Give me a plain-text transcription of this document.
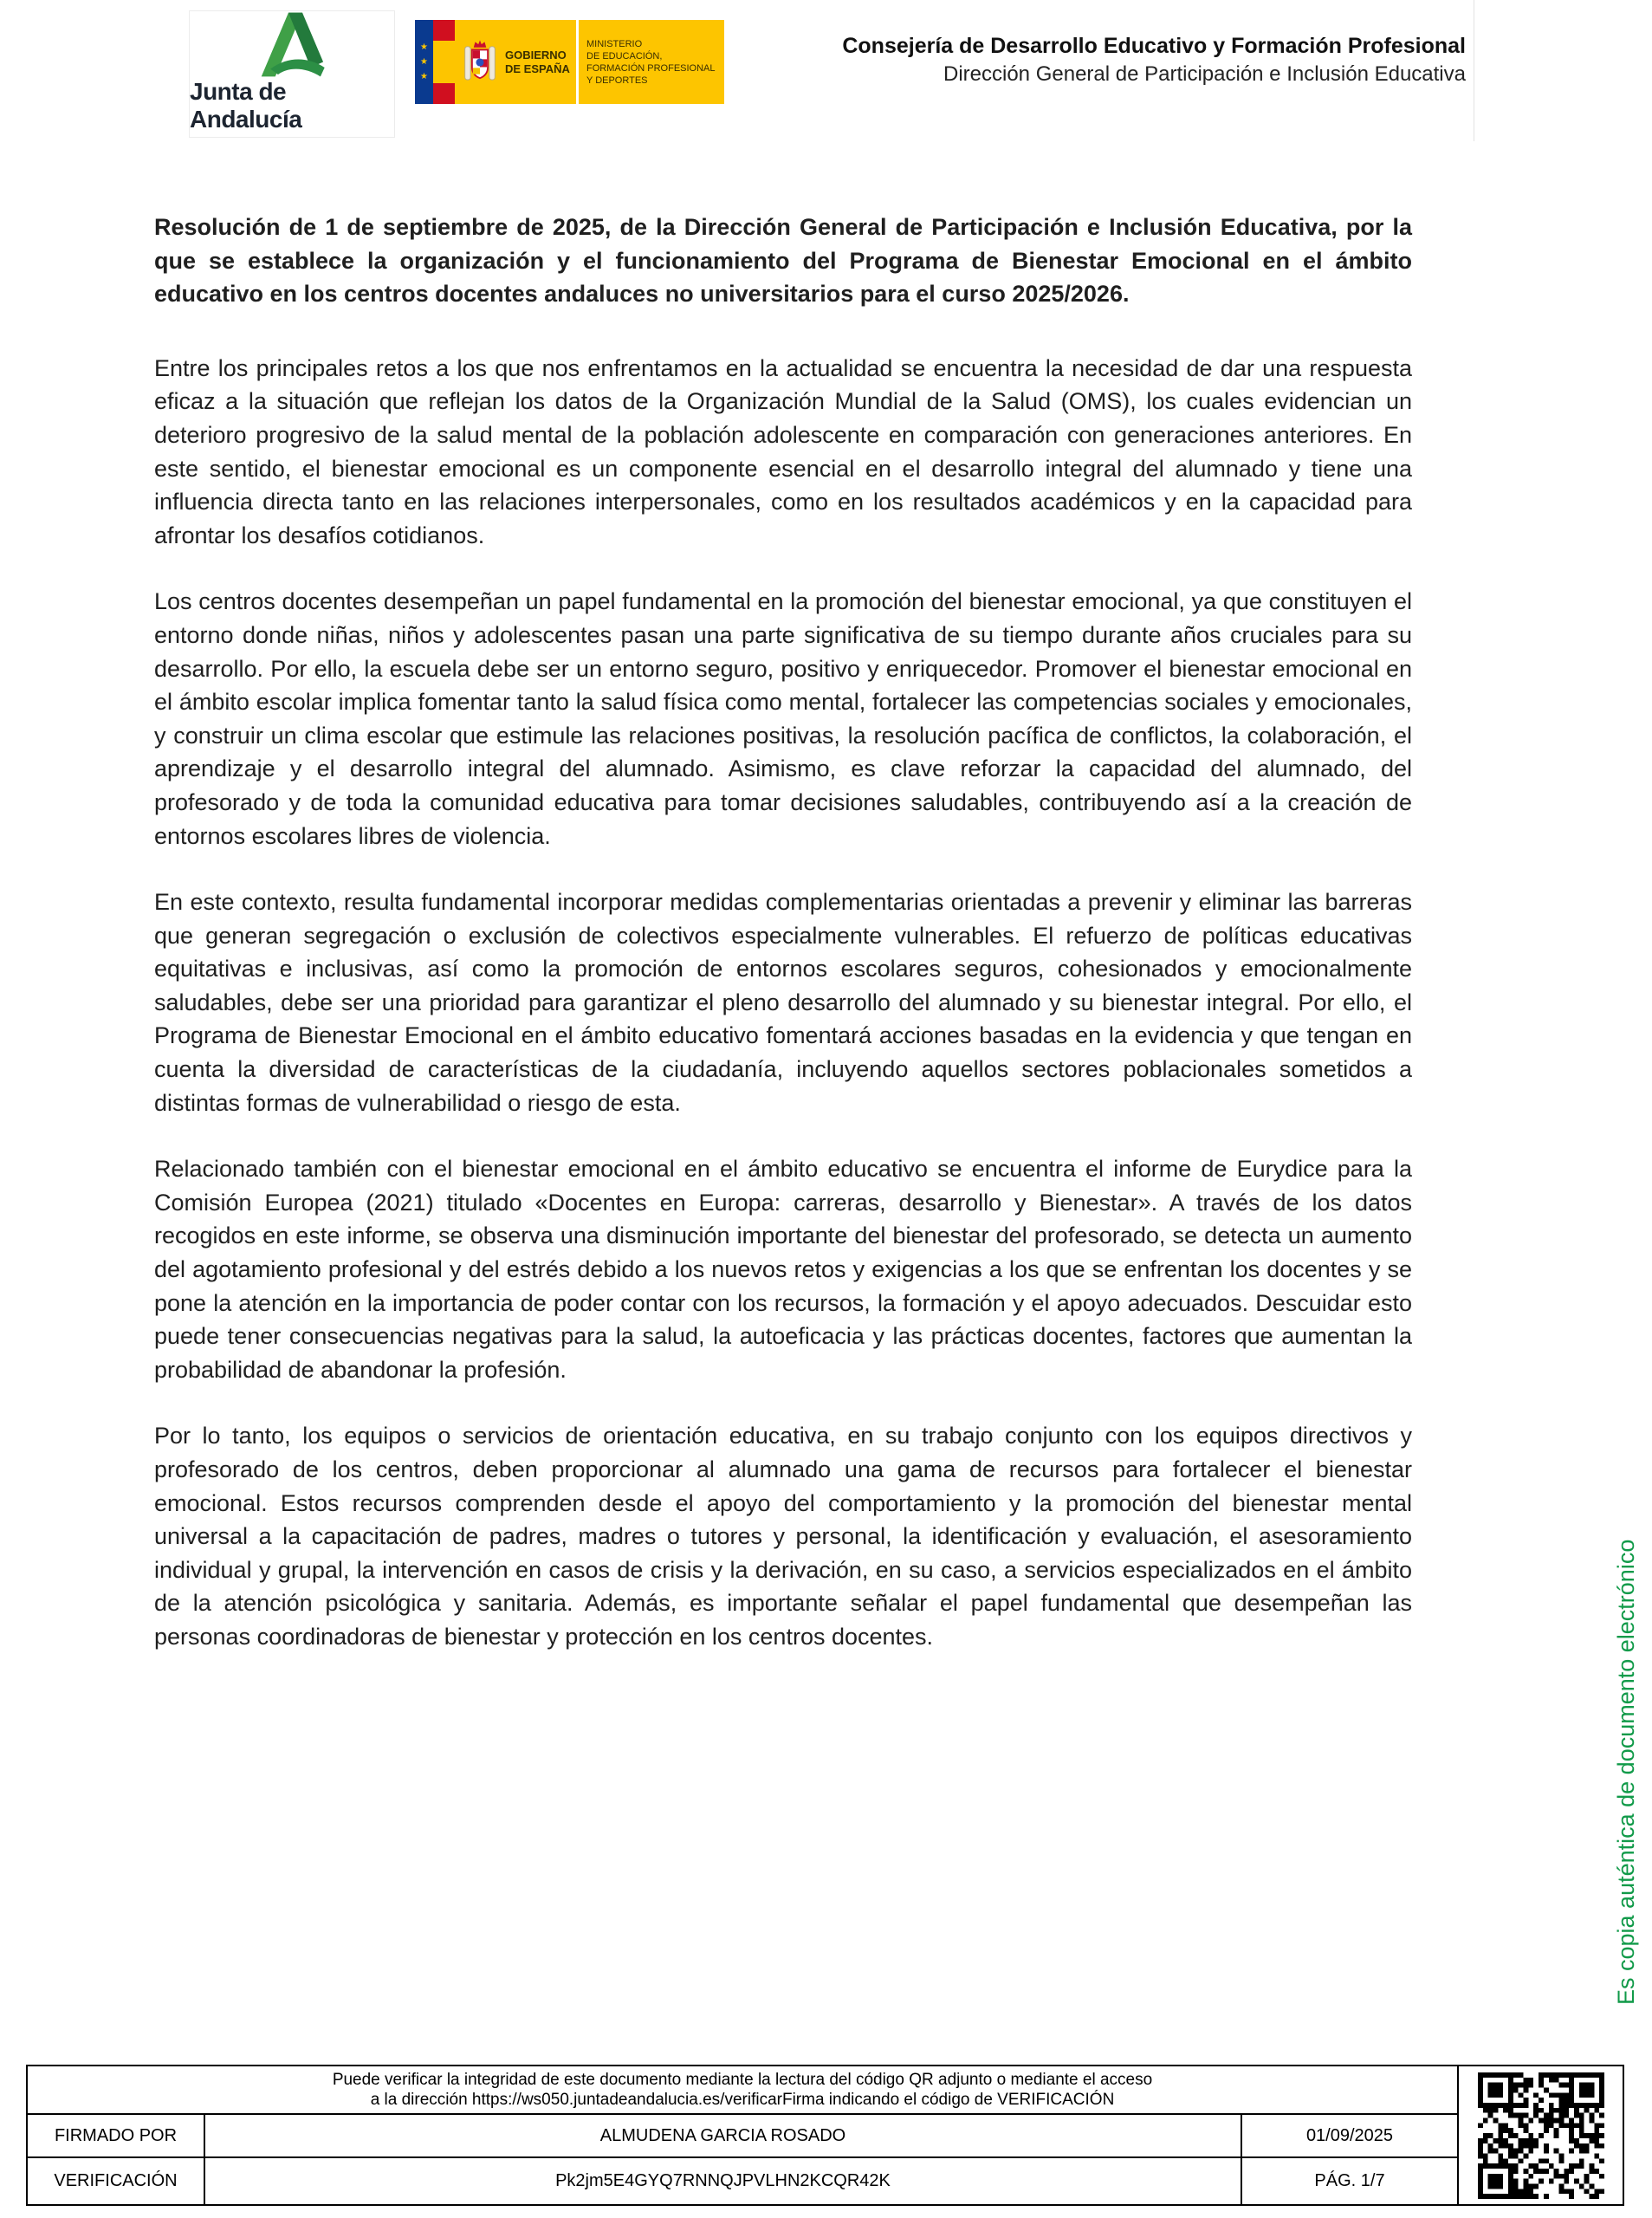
Junta de Andalucía
★
★
★
GOBIERNO
DE ESPAÑA
MINISTERIO
DE EDUCACIÓN, FORMACIÓN PROFESIONAL
Y DEPORTES
Consejería de Desarrollo Educativo y Formación Profesional
Dirección General de Participación e Inclusión Educativa
Resolución de 1 de septiembre de 2025, de la Dirección General de Participación e Inclusión Educativa, por la que se establece la organización y el funcionamiento del Programa de Bienestar Emocional en el ámbito educativo en los centros docentes andaluces no universitarios para el curso 2025/2026.

Entre los principales retos a los que nos enfrentamos en la actualidad se encuentra la necesidad de dar una respuesta eficaz a la situación que reflejan los datos de la Organización Mundial de la Salud (OMS), los cuales evidencian un deterioro progresivo de la salud mental de la población adolescente en comparación con generaciones anteriores. En este sentido, el bienestar emocional es un componente esencial en el desarrollo integral del alumnado y tiene una influencia directa tanto en las relaciones interpersonales, como en los resultados académicos y en la capacidad para afrontar los desafíos cotidianos.

Los centros docentes desempeñan un papel fundamental en la promoción del bienestar emocional, ya que constituyen el entorno donde niñas, niños y adolescentes pasan una parte significativa de su tiempo durante años cruciales para su desarrollo. Por ello, la escuela debe ser un entorno seguro, positivo y enriquecedor. Promover el bienestar emocional en el ámbito escolar implica fomentar tanto la salud física como mental, fortalecer las competencias sociales y emocionales, y construir un clima escolar que estimule las relaciones positivas, la resolución pacífica de conflictos, la colaboración, el aprendizaje y el desarrollo integral del alumnado. Asimismo, es clave reforzar la capacidad del alumnado, del profesorado y de toda la comunidad educativa para tomar decisiones saludables, contribuyendo así a la creación de entornos escolares libres de violencia.

En este contexto, resulta fundamental incorporar medidas complementarias orientadas a prevenir y eliminar las barreras que generan segregación o exclusión de colectivos especialmente vulnerables. El refuerzo de políticas educativas equitativas e inclusivas, así como la promoción de entornos escolares seguros, cohesionados y emocionalmente saludables, debe ser una prioridad para garantizar el pleno desarrollo del alumnado y su bienestar integral. Por ello, el Programa de Bienestar Emocional en el ámbito educativo fomentará acciones basadas en la evidencia y que tengan en cuenta la diversidad de características de la ciudadanía, incluyendo aquellos sectores poblacionales sometidos a distintas formas de vulnerabilidad o riesgo de esta.

Relacionado también con el bienestar emocional en el ámbito educativo se encuentra el informe de Eurydice para la Comisión Europea (2021) titulado «Docentes en Europa: carreras, desarrollo y Bienestar». A través de los datos recogidos en este informe, se observa una disminución importante del bienestar del profesorado, se detecta un aumento del agotamiento profesional y del estrés debido a los nuevos retos y exigencias a los que se enfrentan los docentes y se pone la atención en la importancia de poder contar con los recursos, la formación y el apoyo adecuados. Descuidar esto puede tener consecuencias negativas para la salud, la autoeficacia y las prácticas docentes, factores que aumentan la probabilidad de abandonar la profesión.

Por lo tanto, los equipos o servicios de orientación educativa, en su trabajo conjunto con los equipos directivos y profesorado de los centros, deben proporcionar al alumnado una gama de recursos para fortalecer el bienestar emocional. Estos recursos comprenden desde el apoyo del comportamiento y la promoción del bienestar mental universal a la capacitación de padres, madres o tutores y personal, la identificación y evaluación, el asesoramiento individual y grupal, la intervención en casos de crisis y la derivación, en su caso, a servicios especializados en el ámbito de la atención psicológica y sanitaria. Además, es importante señalar el papel fundamental que desempeñan las personas coordinadoras de bienestar y protección en los centros docentes.	Es copia auténtica de documento electrónico
Puede verificar la integridad de este documento mediante la lectura del código QR adjunto o mediante el acceso
a la dirección https://ws050.juntadeandalucia.es/verificarFirma indicando el código de VERIFICACIÓN
FIRMADO POR	ALMUDENA GARCIA ROSADO	01/09/2025
VERIFICACIÓN	Pk2jm5E4GYQ7RNNQJPVLHN2KCQR42K	PÁG. 1/7
